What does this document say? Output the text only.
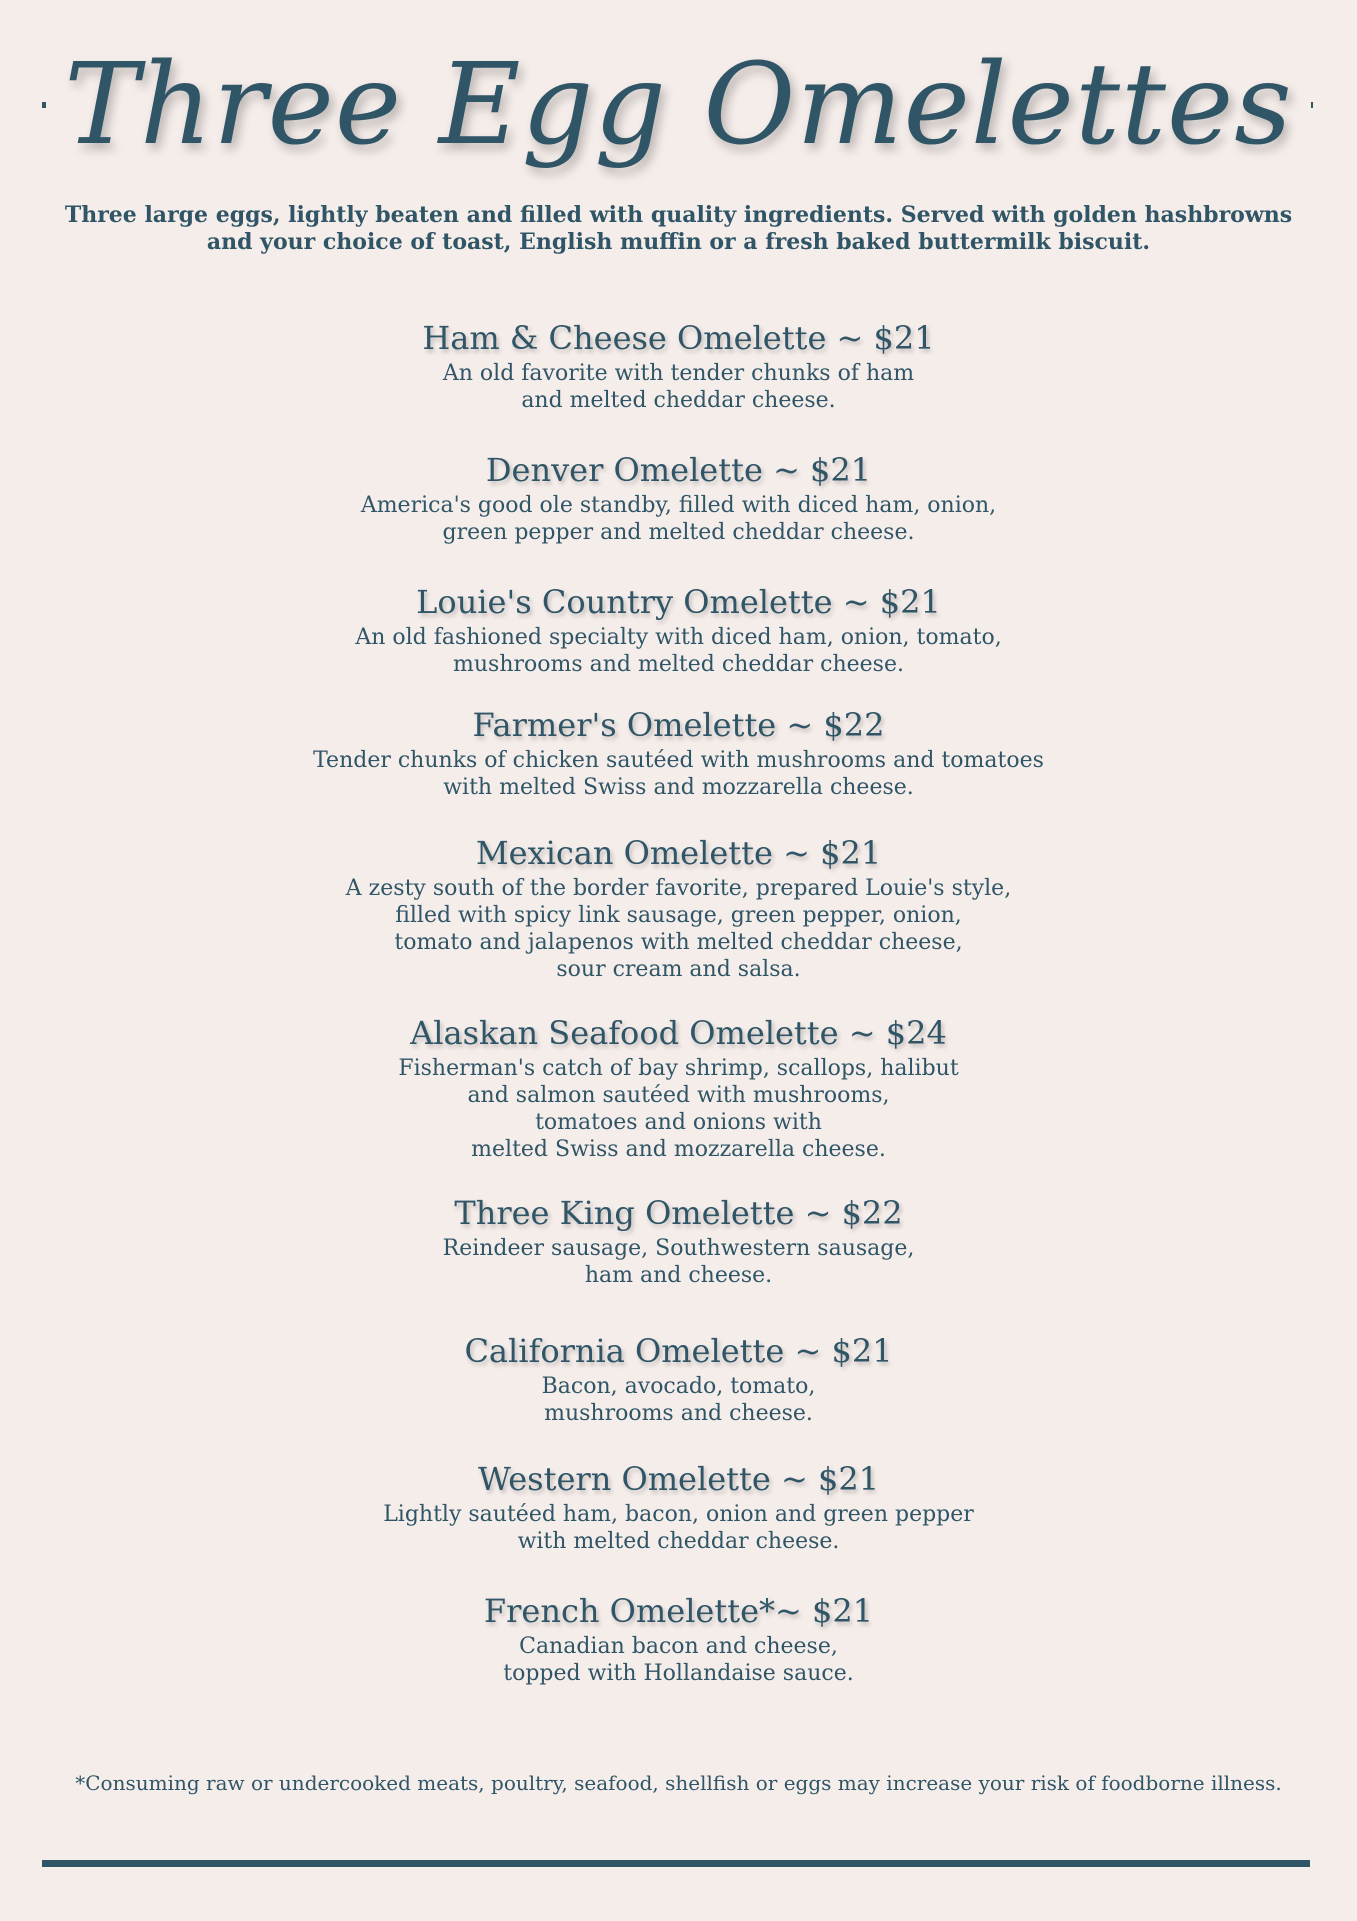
Three Egg Omelettes
Three large eggs, lightly beaten and filled with quality ingredients. Served with golden hashbrowns and your choice of toast, English muffin or a fresh baked buttermilk biscuit.
Ham & Cheese Omelette ~ $21
An old favorite with tender chunks of ham
and melted cheddar cheese.
Denver Omelette ~ $21
America's good ole standby, filled with diced ham, onion,
green pepper and melted cheddar cheese.
Louie's Country Omelette ~ $21
An old fashioned specialty with diced ham, onion, tomato,
mushrooms and melted cheddar cheese.
Farmer's Omelette ~ $22
Tender chunks of chicken sautéed with mushrooms and tomatoes
with melted Swiss and mozzarella cheese.
Mexican Omelette ~ $21
A zesty south of the border favorite, prepared Louie's style,
filled with spicy link sausage, green pepper, onion,
tomato and jalapenos with melted cheddar cheese,
sour cream and salsa.
Alaskan Seafood Omelette ~ $24
Fisherman's catch of bay shrimp, scallops, halibut
and salmon sautéed with mushrooms,
tomatoes and onions with
melted Swiss and mozzarella cheese.
Three King Omelette ~ $22
Reindeer sausage, Southwestern sausage,
ham and cheese.
California Omelette ~ $21
Bacon, avocado, tomato,
mushrooms and cheese.
Western Omelette ~ $21
Lightly sautéed ham, bacon, onion and green pepper
with melted cheddar cheese.
French Omelette*~ $21
Canadian bacon and cheese,
topped with Hollandaise sauce.
*Consuming raw or undercooked meats, poultry, seafood, shellfish or eggs may increase your risk of foodborne illness.
